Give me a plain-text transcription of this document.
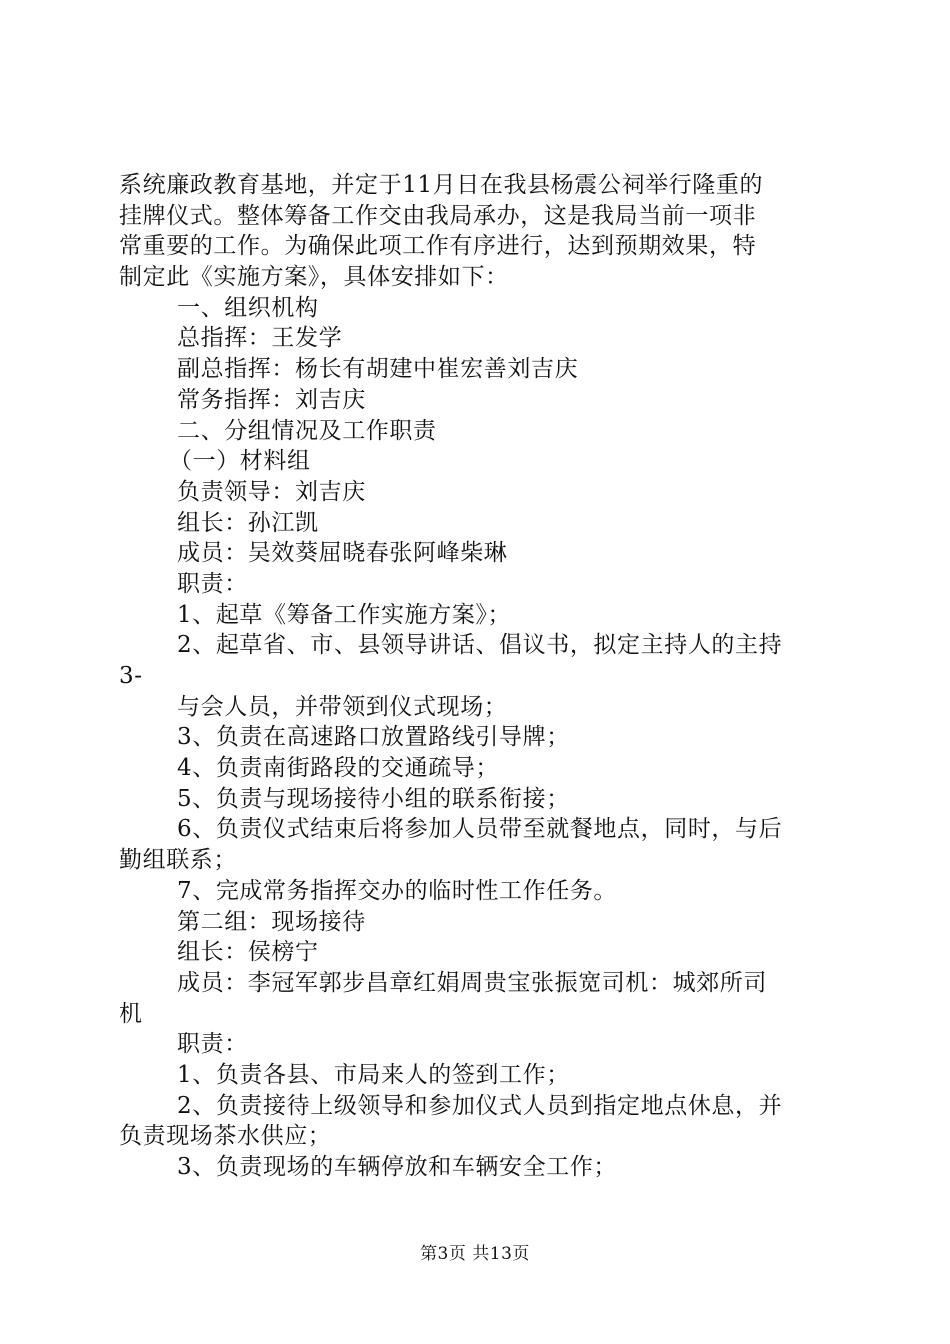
系统廉政教育基地，并定于11月日在我县杨震公祠举行隆重的
挂牌仪式。整体筹备工作交由我局承办，这是我局当前一项非
常重要的工作。为确保此项工作有序进行，达到预期效果，特
制定此《实施方案》，具体安排如下：
一、组织机构
总指挥：王发学
副总指挥：杨长有胡建中崔宏善刘吉庆
常务指挥：刘吉庆
二、分组情况及工作职责
（一）材料组
负责领导：刘吉庆
组长：孙江凯
成员：吴效葵屈晓春张阿峰柴琳
职责：
1、起草《筹备工作实施方案》；
2、起草省、市、县领导讲话、倡议书，拟定主持人的主持
3-
与会人员，并带领到仪式现场；
3、负责在高速路口放置路线引导牌；
4、负责南街路段的交通疏导；
5、负责与现场接待小组的联系衔接；
6、负责仪式结束后将参加人员带至就餐地点，同时，与后
勤组联系；
7、完成常务指挥交办的临时性工作任务。
第二组：现场接待
组长：侯榜宁
成员：李冠军郭步昌章红娟周贵宝张振宽司机：城郊所司
机
职责：
1、负责各县、市局来人的签到工作；
2、负责接待上级领导和参加仪式人员到指定地点休息，并
负责现场茶水供应；
3、负责现场的车辆停放和车辆安全工作；
第3页 共13页
